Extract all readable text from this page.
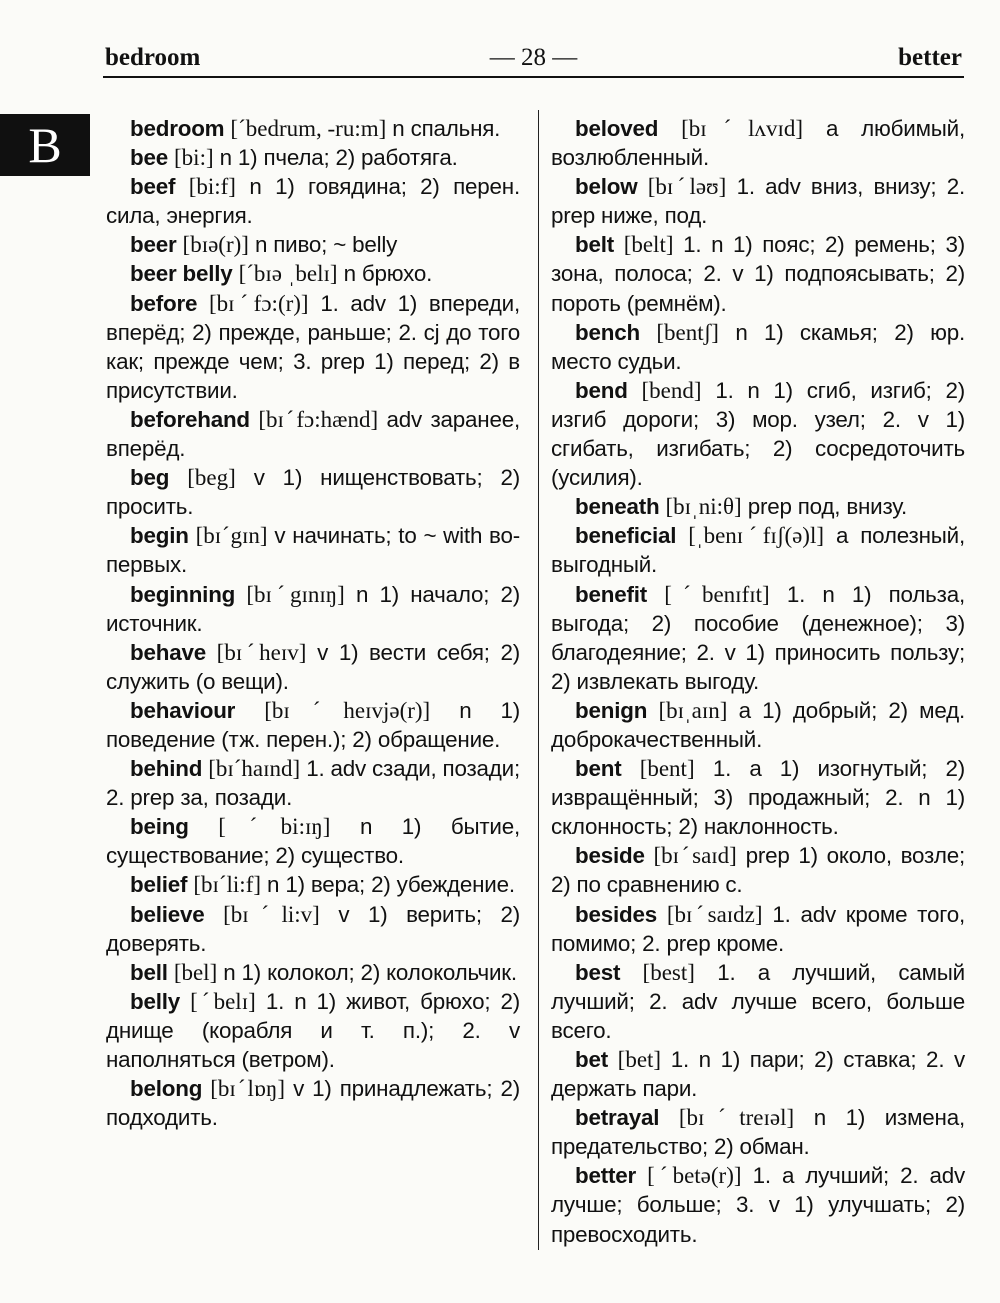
bedroom	— 28 —	better
B	bedroom [ˊbedrum, -ru:m] n спальня.

bee [bi:] n 1) пчела; 2) работяга.

beef [bi:f] n 1) говядина; 2) перен. сила, энергия.

beer [bɪə(r)] n пиво; ~ belly

beer belly [ˊbɪə ˌbelɪ] n брюхо.

before [bɪˊfɔ:(r)] 1. adv 1) впереди, вперёд; 2) прежде, раньше; 2. cj до того как; прежде чем; 3. prep 1) перед; 2) в присутствии.

beforehand [bɪˊfɔ:hænd] adv заранее, вперёд.

beg [beg] v 1) нищенствовать; 2) просить.

begin [bɪˊgɪn] v начинать; to ~ with во-первых.

beginning [bɪˊgɪnɪŋ] n 1) начало; 2) источник.

behave [bɪˊheɪv] v 1) вести себя; 2) служить (о вещи).

behaviour [bɪˊheɪvjə(r)] n 1) поведение (тж. перен.); 2) обращение.

behind [bɪˊhaɪnd] 1. adv сзади, позади; 2. prep за, позади.

being [ˊbi:ɪŋ] n 1) бытие, существование; 2) существо.

belief [bɪˊli:f] n 1) вера; 2) убеждение.

believe [bɪˊli:v] v 1) верить; 2) доверять.

bell [bel] n 1) колокол; 2) колокольчик.

belly [ˊbelɪ] 1. n 1) живот, брюхо; 2) днище (корабля и т. п.); 2. v наполняться (ветром).

belong [bɪˊlɒŋ] v 1) принадлежать; 2) подходить.

beloved [bɪˊlʌvɪd] a любимый, возлюбленный.

below [bɪˊləʊ] 1. adv вниз, внизу; 2. prep ниже, под.

belt [belt] 1. n 1) пояс; 2) ремень; 3) зона, полоса; 2. v 1) подпоясывать; 2) пороть (ремнём).

bench [bentʃ] n 1) скамья; 2) юр. место судьи.

bend [bend] 1. n 1) сгиб, изгиб; 2) изгиб дороги; 3) мор. узел; 2. v 1) сгибать, изгибать; 2) сосредоточить (усилия).

beneath [bɪˌni:θ] prep под, внизу.

beneficial [ˌbenɪˊfɪʃ(ə)l] a полезный, выгодный.

benefit [ˊbenɪfɪt] 1. n 1) польза, выгода; 2) пособие (денежное); 3) благодеяние; 2. v 1) приносить пользу; 2) извлекать выгоду.

benign [bɪˌaɪn] a 1) добрый; 2) мед. доброкачественный.

bent [bent] 1. a 1) изогнутый; 2) извращённый; 3) продажный; 2. n 1) склонность; 2) наклонность.

beside [bɪˊsaɪd] prep 1) около, возле; 2) по сравнению с.

besides [bɪˊsaɪdz] 1. adv кроме того, помимо; 2. prep кроме.

best [best] 1. a лучший, самый лучший; 2. adv лучше всего, больше всего.

bet [bet] 1. n 1) пари; 2) ставка; 2. v держать пари.

betrayal [bɪˊtreɪəl] n 1) измена, предательство; 2) обман.

better [ˊbetə(r)] 1. a лучший; 2. adv лучше; больше; 3. v 1) улучшать; 2) превосходить.
